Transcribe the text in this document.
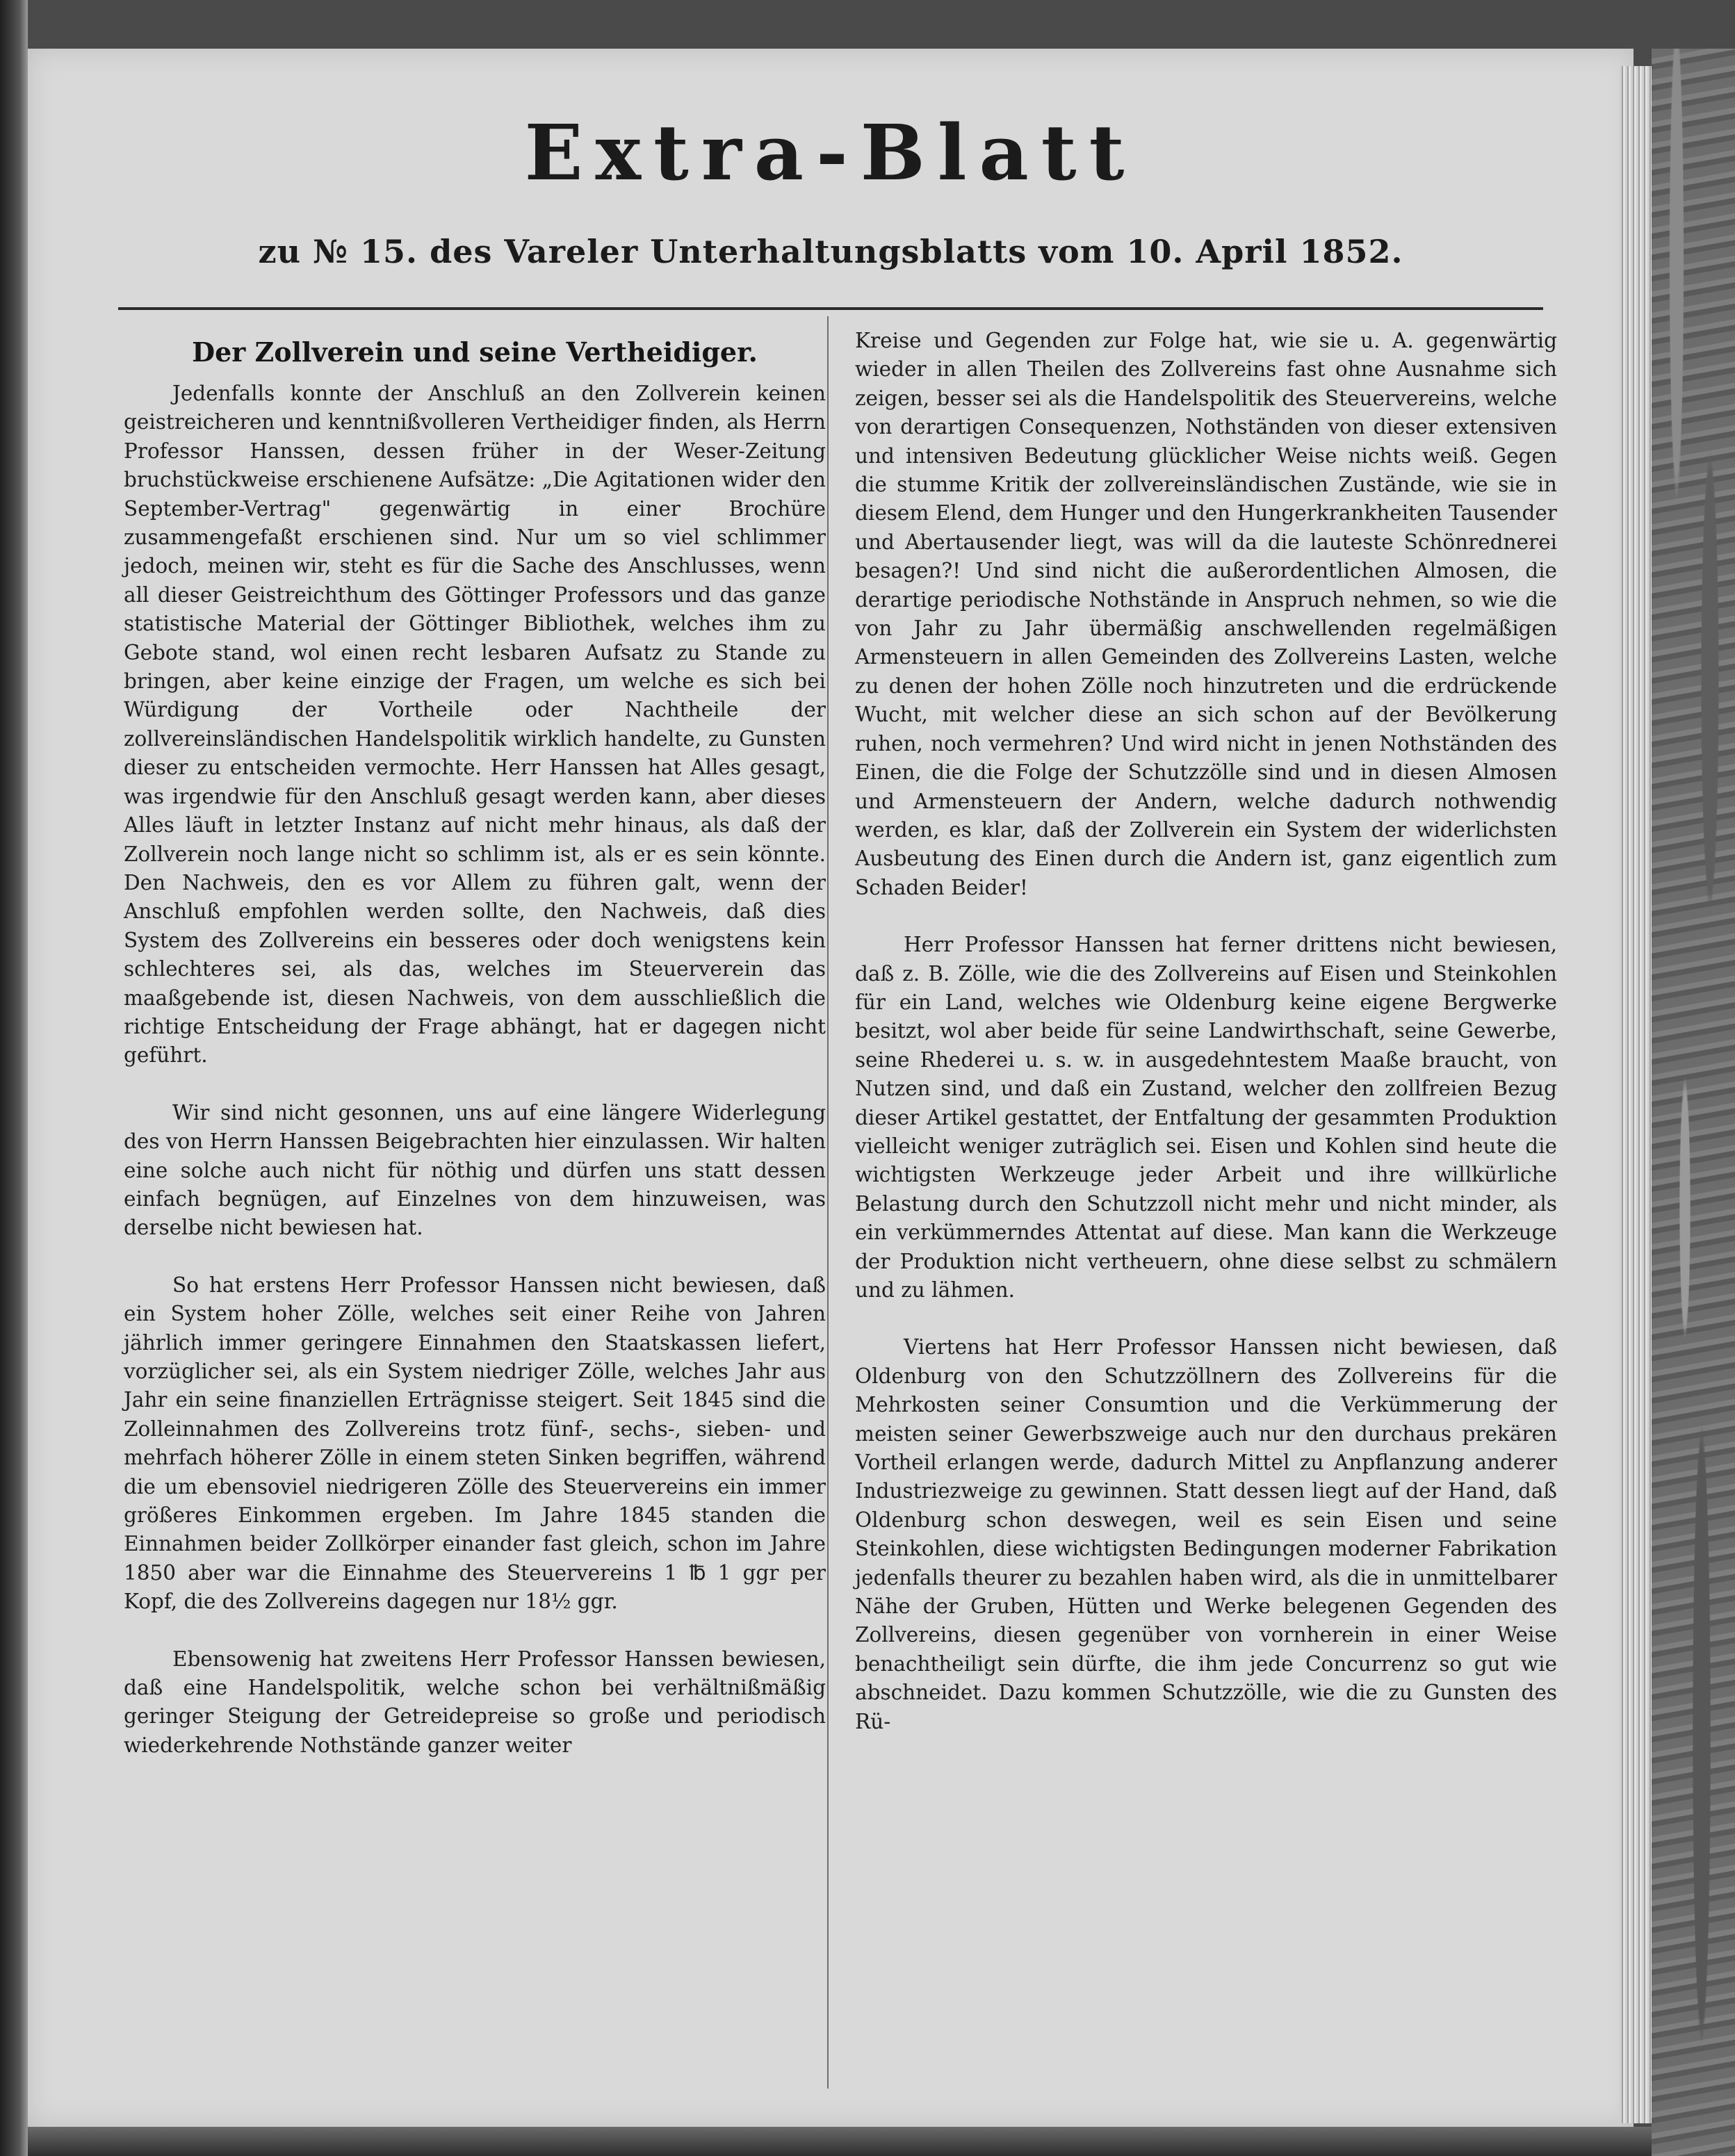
Extra-Blatt
zu № 15. des Vareler Unterhaltungsblatts vom 10. April 1852.
Der Zollverein und seine Vertheidiger.

Jedenfalls konnte der Anschluß an den Zollverein keinen geistreicheren und kenntnißvolleren Vertheidiger finden, als Herrn Professor Hanssen, dessen früher in der Weser-Zeitung bruchstückweise erschienene Aufsätze: „Die Agitationen wider den September-Vertrag" gegenwärtig in einer Brochüre zusammengefaßt erschienen sind. Nur um so viel schlimmer jedoch, meinen wir, steht es für die Sache des Anschlusses, wenn all dieser Geistreichthum des Göttinger Professors und das ganze statistische Material der Göttinger Bibliothek, welches ihm zu Gebote stand, wol einen recht lesbaren Aufsatz zu Stande zu bringen, aber keine einzige der Fragen, um welche es sich bei Würdigung der Vortheile oder Nachtheile der zollvereinsländischen Handelspolitik wirklich handelte, zu Gunsten dieser zu entscheiden vermochte. Herr Hanssen hat Alles gesagt, was irgendwie für den Anschluß gesagt werden kann, aber dieses Alles läuft in letzter Instanz auf nicht mehr hinaus, als daß der Zollverein noch lange nicht so schlimm ist, als er es sein könnte. Den Nachweis, den es vor Allem zu führen galt, wenn der Anschluß empfohlen werden sollte, den Nachweis, daß dies System des Zollvereins ein besseres oder doch wenigstens kein schlechteres sei, als das, welches im Steuerverein das maaßgebende ist, diesen Nachweis, von dem ausschließlich die richtige Entscheidung der Frage abhängt, hat er dagegen nicht geführt.

Wir sind nicht gesonnen, uns auf eine längere Widerlegung des von Herrn Hanssen Beigebrachten hier einzulassen. Wir halten eine solche auch nicht für nöthig und dürfen uns statt dessen einfach begnügen, auf Einzelnes von dem hinzuweisen, was derselbe nicht bewiesen hat.

So hat erstens Herr Professor Hanssen nicht bewiesen, daß ein System hoher Zölle, welches seit einer Reihe von Jahren jährlich immer geringere Einnahmen den Staatskassen liefert, vorzüglicher sei, als ein System niedriger Zölle, welches Jahr aus Jahr ein seine finanziellen Erträgnisse steigert. Seit 1845 sind die Zolleinnahmen des Zollvereins trotz fünf-, sechs-, sieben- und mehrfach höherer Zölle in einem steten Sinken begriffen, während die um ebensoviel niedrigeren Zölle des Steuervereins ein immer größeres Einkommen ergeben. Im Jahre 1845 standen die Einnahmen beider Zollkörper einander fast gleich, schon im Jahre 1850 aber war die Einnahme des Steuervereins 1 ℔ 1 ggr per Kopf, die des Zollvereins dagegen nur 18½ ggr.

Ebensowenig hat zweitens Herr Professor Hanssen bewiesen, daß eine Handelspolitik, welche schon bei verhältnißmäßig geringer Steigung der Getreidepreise so große und periodisch wiederkehrende Nothstände ganzer weiter

Kreise und Gegenden zur Folge hat, wie sie u. A. gegenwärtig wieder in allen Theilen des Zollvereins fast ohne Ausnahme sich zeigen, besser sei als die Handelspolitik des Steuervereins, welche von derartigen Consequenzen, Nothständen von dieser extensiven und intensiven Bedeutung glücklicher Weise nichts weiß. Gegen die stumme Kritik der zollvereinsländischen Zustände, wie sie in diesem Elend, dem Hunger und den Hungerkrankheiten Tausender und Abertausender liegt, was will da die lauteste Schönrednerei besagen?! Und sind nicht die außerordentlichen Almosen, die derartige periodische Nothstände in Anspruch nehmen, so wie die von Jahr zu Jahr übermäßig anschwellenden regelmäßigen Armensteuern in allen Gemeinden des Zollvereins Lasten, welche zu denen der hohen Zölle noch hinzutreten und die erdrückende Wucht, mit welcher diese an sich schon auf der Bevölkerung ruhen, noch vermehren? Und wird nicht in jenen Nothständen des Einen, die die Folge der Schutzzölle sind und in diesen Almosen und Armensteuern der Andern, welche dadurch nothwendig werden, es klar, daß der Zollverein ein System der widerlichsten Ausbeutung des Einen durch die Andern ist, ganz eigentlich zum Schaden Beider!

Herr Professor Hanssen hat ferner drittens nicht bewiesen, daß z. B. Zölle, wie die des Zollvereins auf Eisen und Steinkohlen für ein Land, welches wie Oldenburg keine eigene Bergwerke besitzt, wol aber beide für seine Landwirthschaft, seine Gewerbe, seine Rhederei u. s. w. in ausgedehntestem Maaße braucht, von Nutzen sind, und daß ein Zustand, welcher den zollfreien Bezug dieser Artikel gestattet, der Entfaltung der gesammten Produktion vielleicht weniger zuträglich sei. Eisen und Kohlen sind heute die wichtigsten Werkzeuge jeder Arbeit und ihre willkürliche Belastung durch den Schutzzoll nicht mehr und nicht minder, als ein verkümmerndes Attentat auf diese. Man kann die Werkzeuge der Produktion nicht vertheuern, ohne diese selbst zu schmälern und zu lähmen.

Viertens hat Herr Professor Hanssen nicht bewiesen, daß Oldenburg von den Schutzzöllnern des Zollvereins für die Mehrkosten seiner Consumtion und die Verkümmerung der meisten seiner Gewerbszweige auch nur den durchaus prekären Vortheil erlangen werde, dadurch Mittel zu Anpflanzung anderer Industriezweige zu gewinnen. Statt dessen liegt auf der Hand, daß Oldenburg schon deswegen, weil es sein Eisen und seine Steinkohlen, diese wichtigsten Bedingungen moderner Fabrikation jedenfalls theurer zu bezahlen haben wird, als die in unmittelbarer Nähe der Gruben, Hütten und Werke belegenen Gegenden des Zollvereins, diesen gegenüber von vornherein in einer Weise benachtheiligt sein dürfte, die ihm jede Concurrenz so gut wie abschneidet. Dazu kommen Schutzzölle, wie die zu Gunsten des Rü-
